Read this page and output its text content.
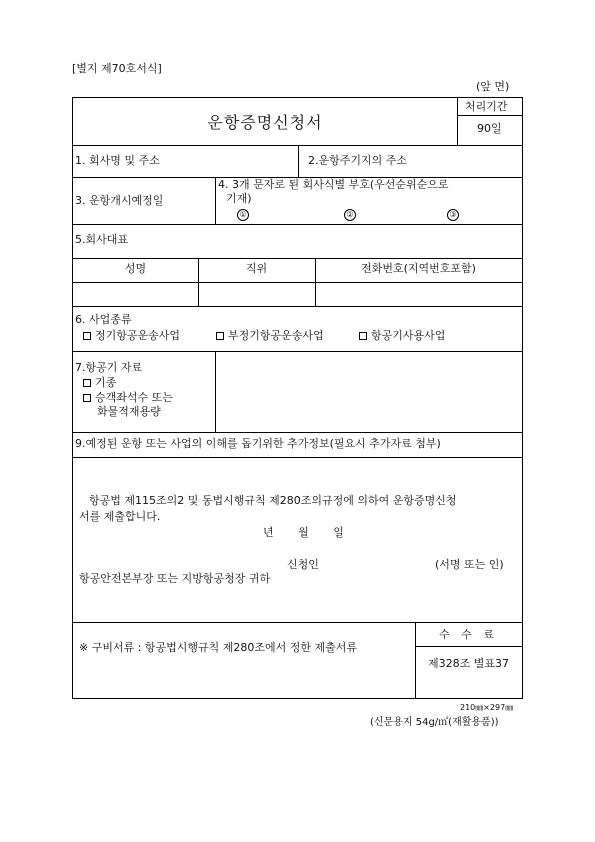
[별지 제70호서식]
(앞 면)
운항증명신청서
처리기간
90일
1. 회사명 및 주소	2.운항주기지의 주소
3. 운항개시예정일
4. 3개 문자로 된 회사식별 부호(우선순위순으로
기재)
①	②	③
5.회사대표
성명	직위	전화번호(지역번호포함)
6. 사업종류
정기항공운송사업	부정기항공운송사업	항공기사용사업
7.항공기 자료
기종
승객좌석수 또는
화물적재용량
9.예정된 운항 또는 사업의 이해를 돕기위한 추가정보(필요시 추가자료 첨부)
항공법 제115조의2 및 동법시행규칙 제280조의규정에 의하여 운항증명신청
서를 제출합니다.
년       월       일
신청인	(서명 또는 인)
항공안전본부장 또는 지방항공청장 귀하
※ 구비서류 : 항공법시행규칙 제280조에서 정한 제출서류
수 수 료
제328조 별표37
210㎜×297㎜
(신문용지 54g/㎡(재활용품))
